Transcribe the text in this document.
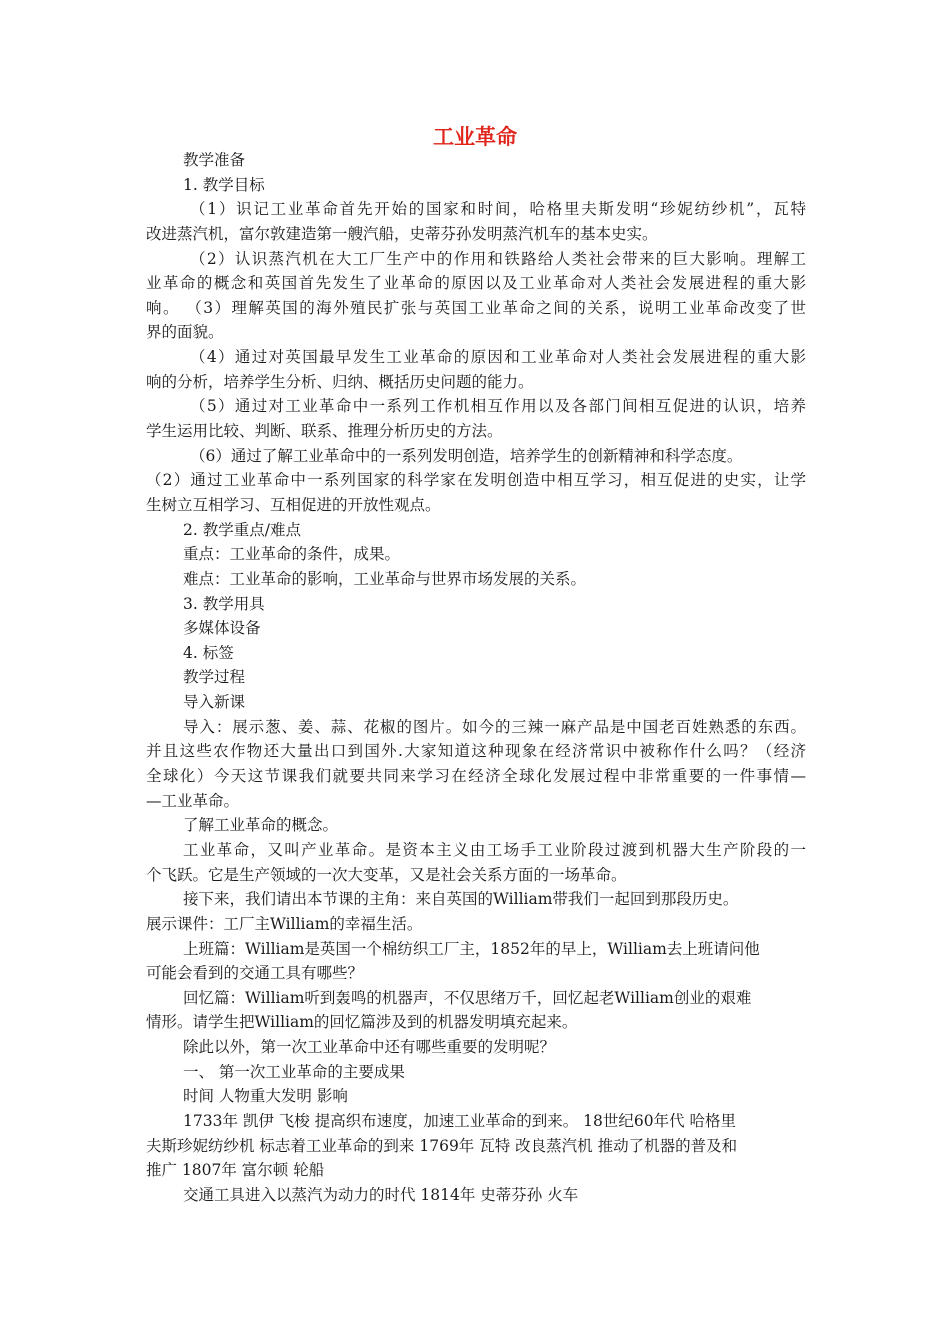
工业革命
教学准备
1. 教学目标
（1）识记工业革命首先开始的国家和时间，哈格里夫斯发明“珍妮纺纱机”，瓦特
改进蒸汽机，富尔敦建造第一艘汽船，史蒂芬孙发明蒸汽机车的基本史实。
（2）认识蒸汽机在大工厂生产中的作用和铁路给人类社会带来的巨大影响。理解工
业革命的概念和英国首先发生了业革命的原因以及工业革命对人类社会发展进程的重大影
响。 （3）理解英国的海外殖民扩张与英国工业革命之间的关系，说明工业革命改变了世
界的面貌。
（4）通过对英国最早发生工业革命的原因和工业革命对人类社会发展进程的重大影
响的分析，培养学生分析、归纳、概括历史问题的能力。
（5）通过对工业革命中一系列工作机相互作用以及各部门间相互促进的认识，培养
学生运用比较、判断、联系、推理分析历史的方法。
（6）通过了解工业革命中的一系列发明创造，培养学生的创新精神和科学态度。
（2）通过工业革命中一系列国家的科学家在发明创造中相互学习，相互促进的史实，让学
生树立互相学习、互相促进的开放性观点。
2. 教学重点/难点
重点：工业革命的条件，成果。
难点：工业革命的影响，工业革命与世界市场发展的关系。
3. 教学用具
多媒体设备
4. 标签
教学过程
导入新课
导入：展示葱、姜、蒜、花椒的图片。如今的三辣一麻产品是中国老百姓熟悉的东西。
并且这些农作物还大量出口到国外.大家知道这种现象在经济常识中被称作什么吗？（经济
全球化）今天这节课我们就要共同来学习在经济全球化发展过程中非常重要的一件事情—
—工业革命。
了解工业革命的概念。
工业革命，又叫产业革命。是资本主义由工场手工业阶段过渡到机器大生产阶段的一
个飞跃。它是生产领域的一次大变革，又是社会关系方面的一场革命。
接下来，我们请出本节课的主角：来自英国的William带我们一起回到那段历史。
展示课件：工厂主William的幸福生活。
上班篇：William是英国一个棉纺织工厂主，1852年的早上，William去上班请问他
可能会看到的交通工具有哪些？
回忆篇：William听到轰鸣的机器声，不仅思绪万千，回忆起老William创业的艰难
情形。请学生把William的回忆篇涉及到的机器发明填充起来。
除此以外，第一次工业革命中还有哪些重要的发明呢？
一、 第一次工业革命的主要成果
时间 人物重大发明 影响
1733年 凯伊 飞梭 提高织布速度，加速工业革命的到来。 18世纪60年代 哈格里
夫斯珍妮纺纱机 标志着工业革命的到来 1769年 瓦特 改良蒸汽机 推动了机器的普及和
推广 1807年 富尔顿 轮船
交通工具进入以蒸汽为动力的时代 1814年 史蒂芬孙 火车
